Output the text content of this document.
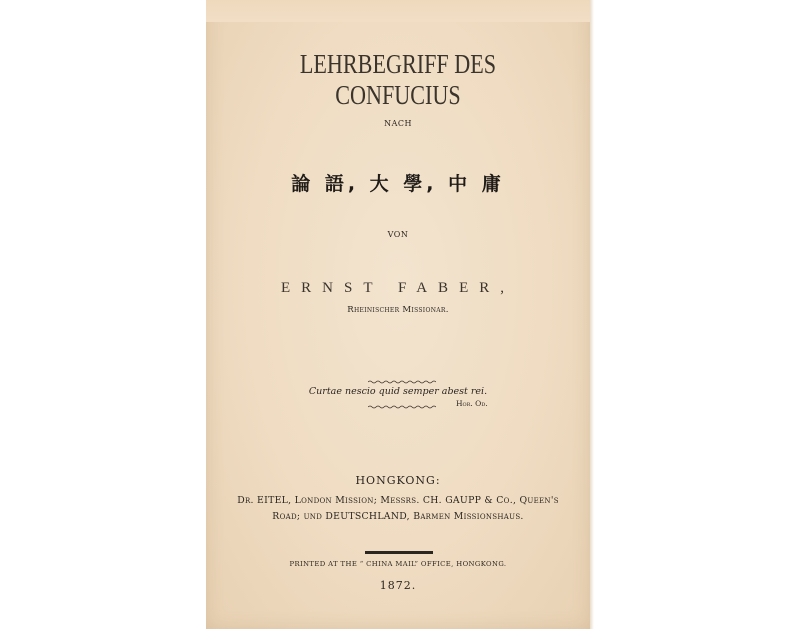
LEHRBEGRIFF DES CONFUCIUS
NACH
論 語, 大 學, 中 庸
VON
ERNST FABER,
Rheinischer Missionar.
Curtae nescio quid semper abest rei.
Hor. Od.
HONGKONG:
Dr. EITEL, London Mission; Messrs. CH. GAUPP & Co., Queen's
Road; und DEUTSCHLAND, Barmen Missionshaus.
PRINTED AT THE “ CHINA MAIL” OFFICE, HONGKONG.
1872.
